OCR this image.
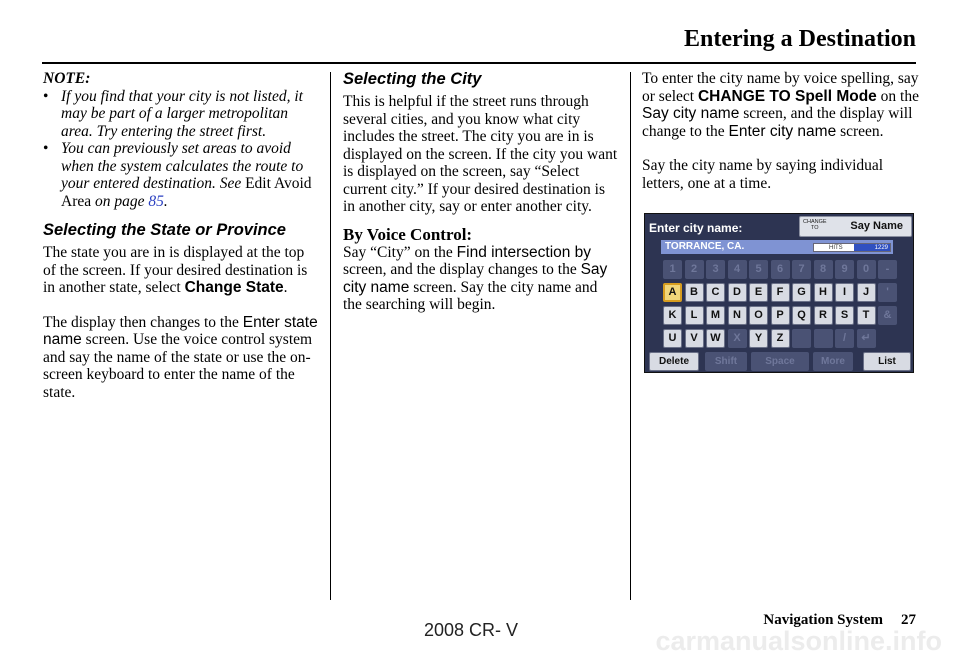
Entering a Destination
NOTE:
• If you find that your city is not listed, it may be part of a larger metropolitan area. Try entering the street first.
• You can previously set areas to avoid when the system calculates the route to your entered destination. See Edit Avoid Area on page 85.
Selecting the State or Province

The state you are in is displayed at the top of the screen. If your desired destination is in another state, select Change State.

The display then changes to the Enter state name screen. Use the voice control system and say the name of the state or use the on-screen keyboard to enter the name of the state.

Selecting the City

This is helpful if the street runs through several cities, and you know what city includes the street. The city you are in is displayed on the screen. If the city you want is displayed on the screen, say “Select current city.” If your desired destination is in another city, say or enter another city.

By Voice Control:

Say “City” on the Find intersection by screen, and the display changes to the Say city name screen. Say the city name and the searching will begin.

To enter the city name by voice spelling, say or select CHANGE TO Spell Mode on the Say city name screen, and the display will change to the Enter city name screen.

Say the city name by saying individual letters, one at a time.

Enter city name:	CHANGE
TO	Say Name
TORRANCE, CA.	HITS	1229
1	2	3	4	5	6	7	8	9	0	-
A	B	C	D	E	F	G	H	I	J	'
K	L	M	N	O	P	Q	R	S	T	&
U	V	W	X	Y	Z	/	↵
Delete	Shift	Space	More	List
Navigation System 27
2008 CR- V	carmanualsonline.info
